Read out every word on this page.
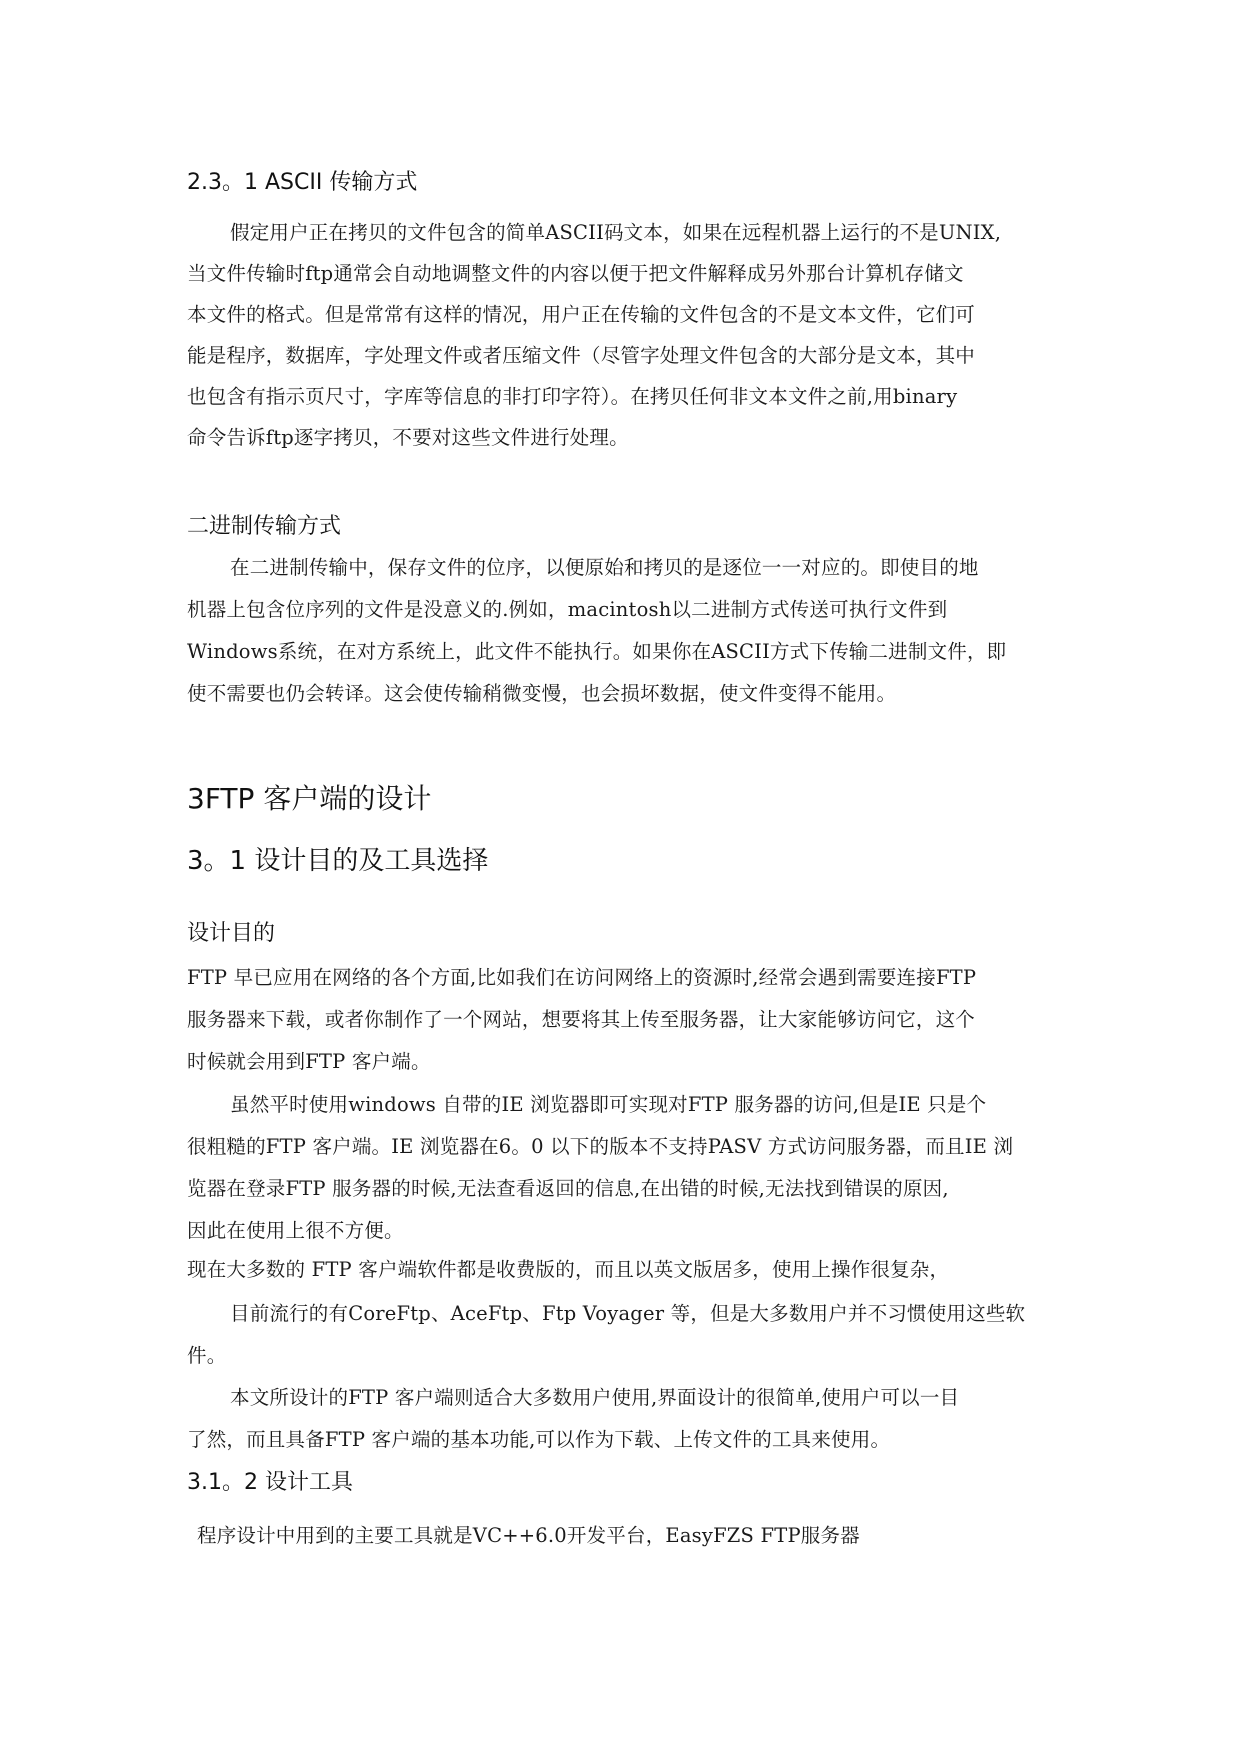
2.3。1 ASCII 传输方式
假定用户正在拷贝的文件包含的简单ASCII码文本，如果在远程机器上运行的不是UNIX,
当文件传输时ftp通常会自动地调整文件的内容以便于把文件解释成另外那台计算机存储文
本文件的格式。但是常常有这样的情况，用户正在传输的文件包含的不是文本文件，它们可
能是程序，数据库，字处理文件或者压缩文件（尽管字处理文件包含的大部分是文本，其中
也包含有指示页尺寸，字库等信息的非打印字符）。在拷贝任何非文本文件之前,用binary
命令告诉ftp逐字拷贝，不要对这些文件进行处理。
二进制传输方式
在二进制传输中，保存文件的位序，以便原始和拷贝的是逐位一一对应的。即使目的地
机器上包含位序列的文件是没意义的.例如，macintosh以二进制方式传送可执行文件到
Windows系统，在对方系统上，此文件不能执行。如果你在ASCII方式下传输二进制文件，即
使不需要也仍会转译。这会使传输稍微变慢，也会损坏数据，使文件变得不能用。
3FTP 客户端的设计
3。1 设计目的及工具选择
设计目的
FTP 早已应用在网络的各个方面,比如我们在访问网络上的资源时,经常会遇到需要连接FTP
服务器来下载，或者你制作了一个网站，想要将其上传至服务器，让大家能够访问它，这个
时候就会用到FTP 客户端。
虽然平时使用windows 自带的IE 浏览器即可实现对FTP 服务器的访问,但是IE 只是个
很粗糙的FTP 客户端。IE 浏览器在6。0 以下的版本不支持PASV 方式访问服务器，而且IE 浏
览器在登录FTP 服务器的时候,无法查看返回的信息,在出错的时候,无法找到错误的原因,
因此在使用上很不方便。
现在大多数的 FTP 客户端软件都是收费版的，而且以英文版居多，使用上操作很复杂，
目前流行的有CoreFtp、AceFtp、Ftp Voyager 等，但是大多数用户并不习惯使用这些软
件。
本文所设计的FTP 客户端则适合大多数用户使用,界面设计的很简单,使用户可以一目
了然，而且具备FTP 客户端的基本功能,可以作为下载、上传文件的工具来使用。
3.1。2 设计工具
程序设计中用到的主要工具就是VC++6.0开发平台，EasyFZS FTP服务器
